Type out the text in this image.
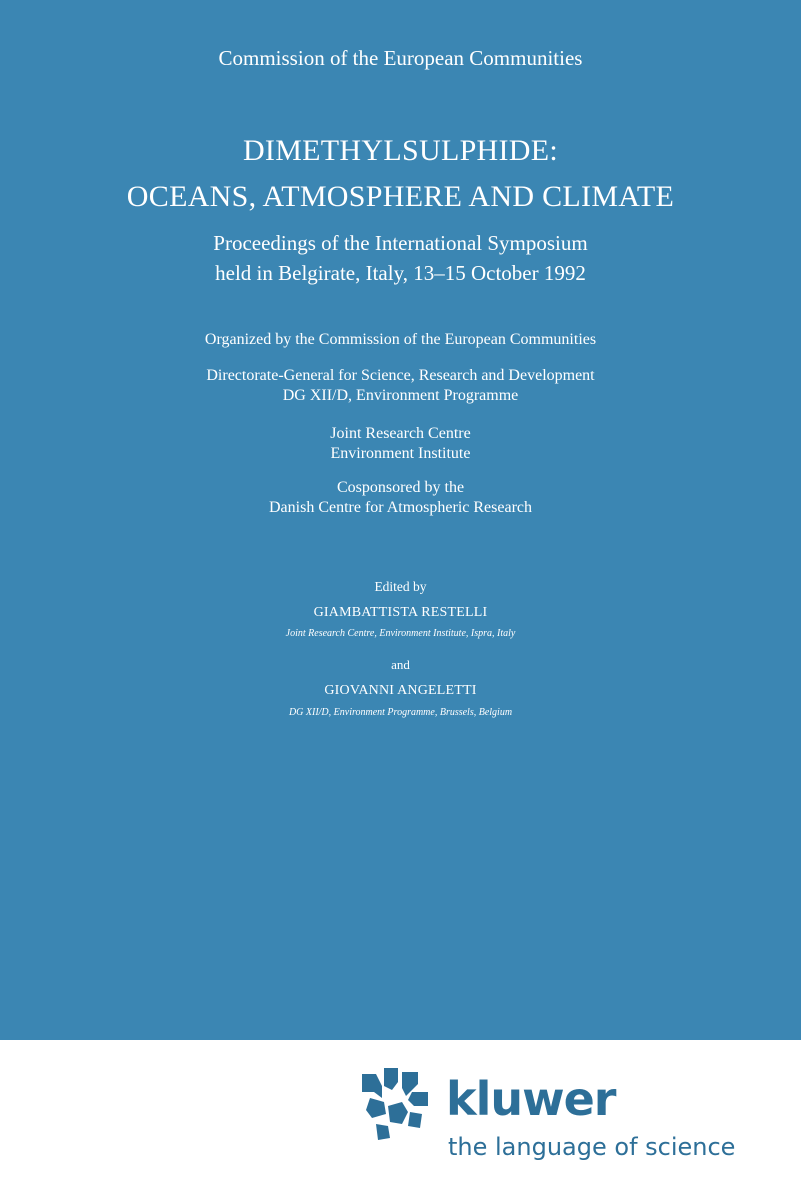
Commission of the European Communities
DIMETHYLSULPHIDE:
OCEANS, ATMOSPHERE AND CLIMATE
Proceedings of the International Symposium
held in Belgirate, Italy, 13–15 October 1992
Organized by the Commission of the European Communities
Directorate-General for Science, Research and Development
DG XII/D, Environment Programme
Joint Research Centre
Environment Institute
Cosponsored by the
Danish Centre for Atmospheric Research
Edited by
GIAMBATTISTA RESTELLI
Joint Research Centre, Environment Institute, Ispra, Italy
and
GIOVANNI ANGELETTI
DG XII/D, Environment Programme, Brussels, Belgium
kluwer
the language of science
